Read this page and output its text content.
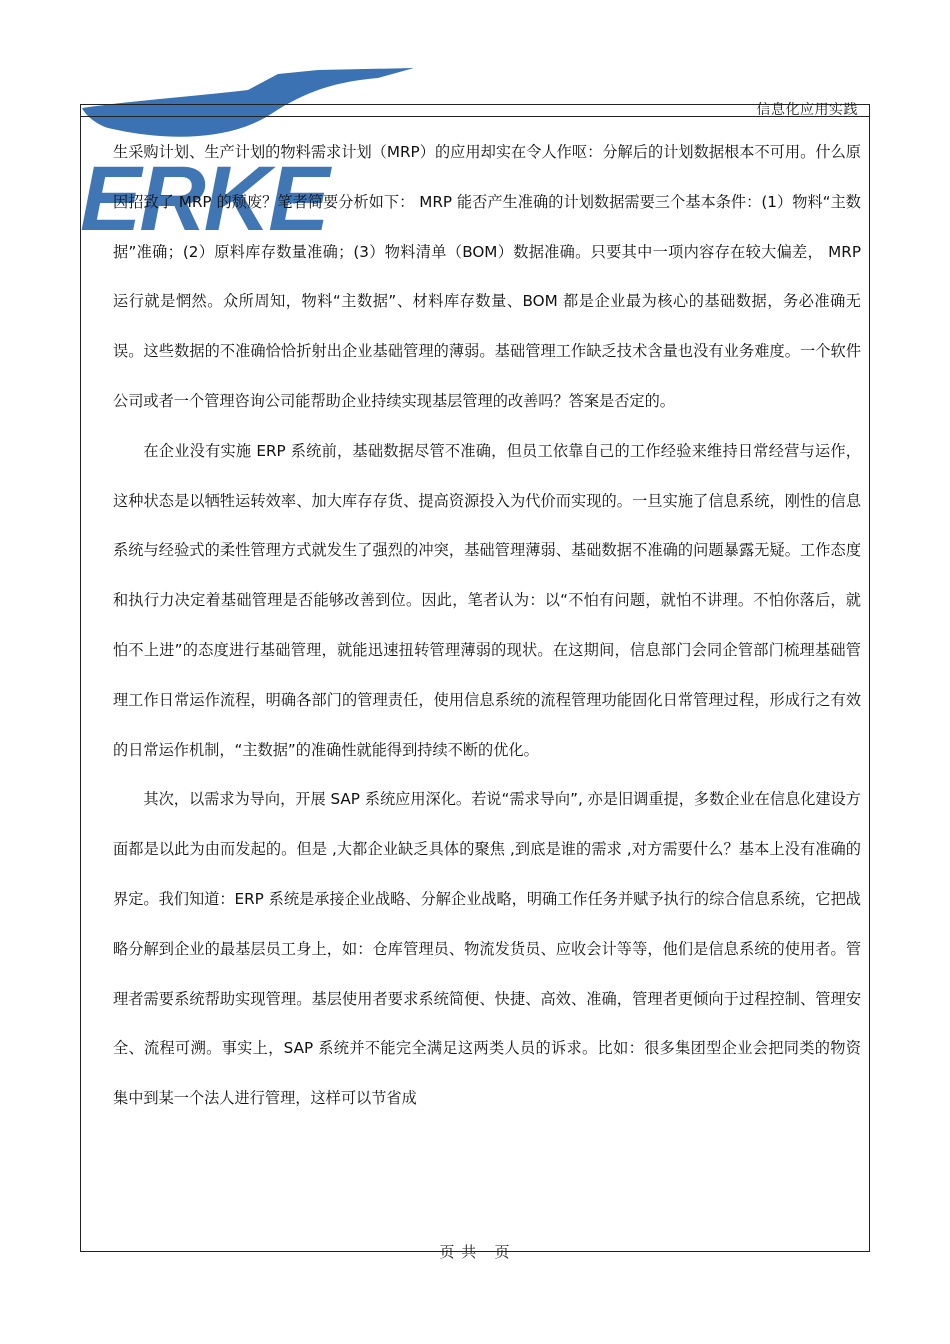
ERKE
信息化应用实践

生采购计划、生产计划的物料需求计划（MRP）的应用却实在令人作呕：分解后的计划数据根本不可用。什么原因招致了 MRP 的颓废？笔者简要分析如下： MRP 能否产生准确的计划数据需要三个基本条件：(1）物料“主数据”准确；(2）原料库存数量准确；(3）物料清单（BOM）数据准确。只要其中一项内容存在较大偏差， MRP 运行就是惘然。众所周知，物料“主数据”、材料库存数量、BOM 都是企业最为核心的基础数据，务必准确无误。这些数据的不准确恰恰折射出企业基础管理的薄弱。基础管理工作缺乏技术含量也没有业务难度。一个软件公司或者一个管理咨询公司能帮助企业持续实现基层管理的改善吗？答案是否定的。

在企业没有实施 ERP 系统前，基础数据尽管不准确，但员工依靠自己的工作经验来维持日常经营与运作，这种状态是以牺牲运转效率、加大库存存货、提高资源投入为代价而实现的。一旦实施了信息系统，刚性的信息系统与经验式的柔性管理方式就发生了强烈的冲突，基础管理薄弱、基础数据不准确的问题暴露无疑。工作态度和执行力决定着基础管理是否能够改善到位。因此，笔者认为：以“不怕有问题，就怕不讲理。不怕你落后，就怕不上进”的态度进行基础管理，就能迅速扭转管理薄弱的现状。在这期间，信息部门会同企管部门梳理基础管理工作日常运作流程，明确各部门的管理责任，使用信息系统的流程管理功能固化日常管理过程，形成行之有效的日常运作机制，“主数据”的准确性就能得到持续不断的优化。

其次，以需求为导向，开展 SAP 系统应用深化。若说“需求导向”, 亦是旧调重提，多数企业在信息化建设方面都是以此为由而发起的。但是 ,大都企业缺乏具体的聚焦 ,到底是谁的需求 ,对方需要什么？基本上没有准确的界定。我们知道：ERP 系统是承接企业战略、分解企业战略，明确工作任务并赋予执行的综合信息系统，它把战略分解到企业的最基层员工身上，如：仓库管理员、物流发货员、应收会计等等，他们是信息系统的使用者。管理者需要系统帮助实现管理。基层使用者要求系统简便、快捷、高效、准确，管理者更倾向于过程控制、管理安全、流程可溯。事实上，SAP 系统并不能完全满足这两类人员的诉求。比如：很多集团型企业会把同类的物资集中到某一个法人进行管理，这样可以节省成

页 共   页
